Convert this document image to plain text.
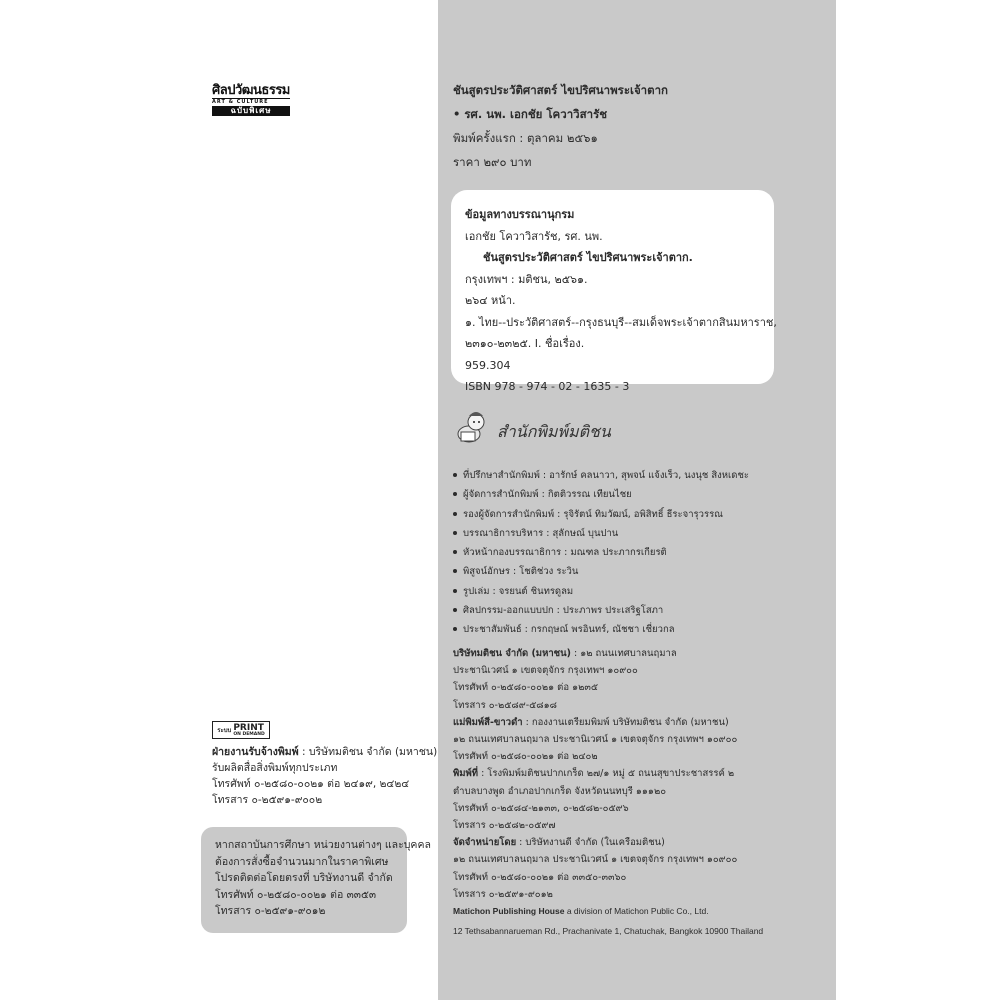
ศิลปวัฒนธรรม
ART & CULTURE
ฉบับพิเศษ
ระบบ PRINT
ON DEMAND
ฝ่ายงานรับจ้างพิมพ์ : บริษัทมติชน จำกัด (มหาชน)
รับผลิตสื่อสิ่งพิมพ์ทุกประเภท
โทรศัพท์ ๐-๒๕๘๐-๐๐๒๑ ต่อ ๒๔๑๙, ๒๔๒๔
โทรสาร ๐-๒๕๙๑-๙๐๐๒
หากสถาบันการศึกษา หน่วยงานต่างๆ และบุคคล
ต้องการสั่งซื้อจำนวนมากในราคาพิเศษ
โปรดติดต่อโดยตรงที่ บริษัทงานดี จำกัด
โทรศัพท์ ๐-๒๕๘๐-๐๐๒๑ ต่อ ๓๓๕๓
โทรสาร ๐-๒๕๙๑-๙๐๑๒
ชันสูตรประวัติศาสตร์ ไขปริศนาพระเจ้าตาก
• รศ. นพ. เอกชัย โควาวิสารัช
พิมพ์ครั้งแรก : ตุลาคม ๒๕๖๑
ราคา ๒๙๐ บาท
ข้อมูลทางบรรณานุกรม
เอกชัย โควาวิสารัช, รศ. นพ.
ชันสูตรประวัติศาสตร์ ไขปริศนาพระเจ้าตาก.
กรุงเทพฯ : มติชน, ๒๕๖๑.
๒๖๔ หน้า.
๑. ไทย--ประวัติศาสตร์--กรุงธนบุรี--สมเด็จพระเจ้าตากสินมหาราช,
๒๓๑๐-๒๓๒๕. I. ชื่อเรื่อง.
959.304
ISBN 978 - 974 - 02 - 1635 - 3
สำนักพิมพ์มติชน
ที่ปรึกษาสำนักพิมพ์ : อารักษ์ คลนาวา, สุพจน์ แจ้งเร็ว, นงนุช สิงหเดชะ
ผู้จัดการสำนักพิมพ์ : กิตติวรรณ เทียนไชย
รองผู้จัดการสำนักพิมพ์ : รุจิรัตน์ ทิมวัฒน์, อพิสิทธิ์ ธีระจารุวรรณ
บรรณาธิการบริหาร : สุลักษณ์ บุนปาน
หัวหน้ากองบรรณาธิการ : มณฑล ประภากรเกียรติ
พิสูจน์อักษร : โชติช่วง ระวิน
รูปเล่ม : จรยนต์ ชินทรดูลม
ศิลปกรรม-ออกแบบปก : ประภาพร ประเสริฐโสภา
ประชาสัมพันธ์ : กรกฤษณ์ พรอินทร์, ณัชชา เชี่ยวกล
บริษัทมติชน จำกัด (มหาชน) : ๑๒ ถนนเทศบาลนฤมาล
ประชานิเวศน์ ๑ เขตจตุจักร กรุงเทพฯ ๑๐๙๐๐
โทรศัพท์ ๐-๒๕๘๐-๐๐๒๑ ต่อ ๑๒๓๕
โทรสาร ๐-๒๕๘๙-๕๘๑๘
แม่พิมพ์สี-ขาวดำ : กองงานเตรียมพิมพ์ บริษัทมติชน จำกัด (มหาชน)
๑๒ ถนนเทศบาลนฤมาล ประชานิเวศน์ ๑ เขตจตุจักร กรุงเทพฯ ๑๐๙๐๐
โทรศัพท์ ๐-๒๕๘๐-๐๐๒๑ ต่อ ๒๔๐๒
พิมพ์ที่ : โรงพิมพ์มติชนปากเกร็ด ๒๗/๑ หมู่ ๕ ถนนสุขาประชาสรรค์ ๒
ตำบลบางพูด อำเภอปากเกร็ด จังหวัดนนทบุรี ๑๑๑๒๐
โทรศัพท์ ๐-๒๕๘๔-๒๑๓๓, ๐-๒๕๘๒-๐๕๙๖
โทรสาร ๐-๒๕๘๒-๐๕๙๗
จัดจำหน่ายโดย : บริษัทงานดี จำกัด (ในเครือมติชน)
๑๒ ถนนเทศบาลนฤมาล ประชานิเวศน์ ๑ เขตจตุจักร กรุงเทพฯ ๑๐๙๐๐
โทรศัพท์ ๐-๒๕๘๐-๐๐๒๑ ต่อ ๓๓๕๐-๓๓๖๐
โทรสาร ๐-๒๕๙๑-๙๐๑๒
Matichon Publishing House a division of Matichon Public Co., Ltd.
12 Tethsabannarueman Rd., Prachanivate 1, Chatuchak, Bangkok 10900 Thailand
